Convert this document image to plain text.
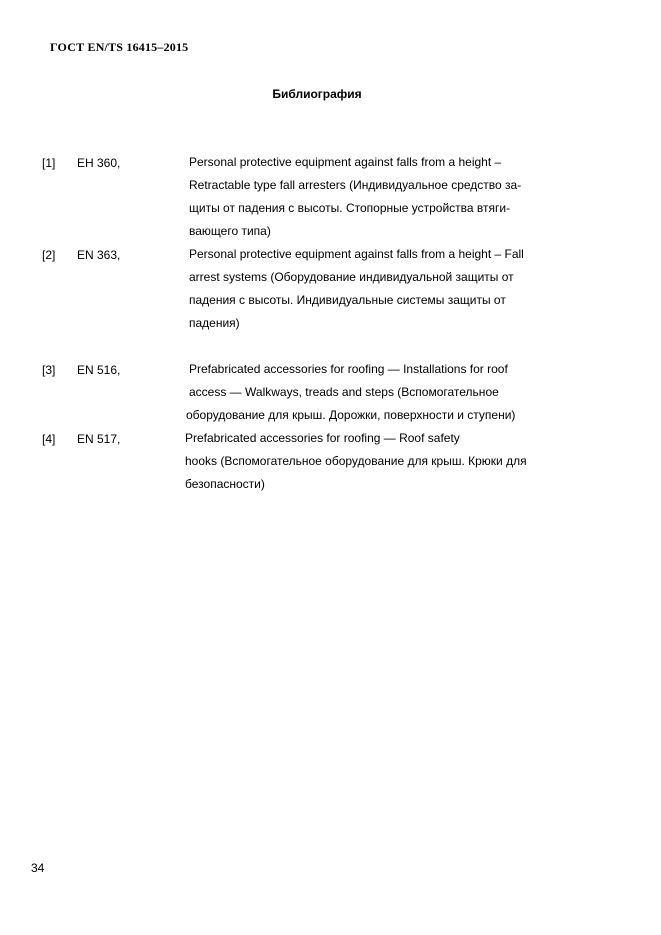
ГОСТ EN/TS 16415–2015
Библиография
[1] EH 360,	Personal protective equipment against falls from a height –
Retractable type fall arresters (Индивидуальное средство за-
щиты от падения с высоты. Стопорные устройства втяги-
вающего типа)
[2] EN 363,	Personal protective equipment against falls from a height – Fall
arrest systems (Оборудование индивидуальной защиты от
падения с высоты. Индивидуальные системы защиты от
падения)
[3] EN 516,	Prefabricated accessories for roofing — Installations for roof
access — Walkways, treads and steps (Вспомогательное
оборудование для крыш. Дорожки, поверхности и ступени)
[4] EN 517,	Prefabricated accessories for roofing — Roof safety
hooks (Вспомогательное оборудование для крыш. Крюки для
безопасности)
34
